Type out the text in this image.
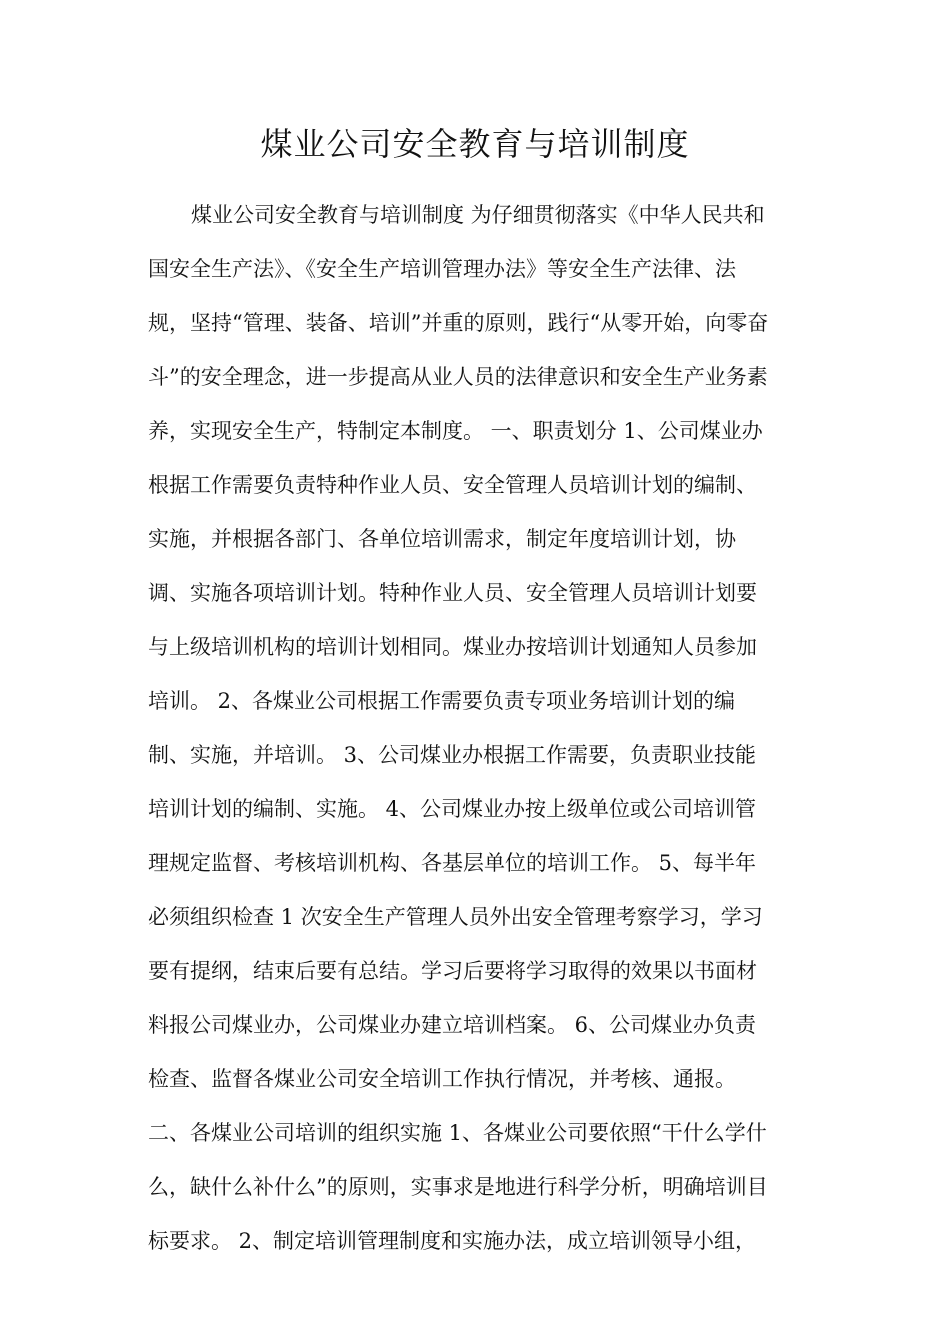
煤业公司安全教育与培训制度
煤业公司安全教育与培训制度 为仔细贯彻落实《中华人民共和
国安全生产法》、《安全生产培训管理办法》等安全生产法律、法
规，坚持“管理、装备、培训”并重的原则，践行“从零开始，向零奋
斗”的安全理念，进一步提高从业人员的法律意识和安全生产业务素
养，实现安全生产，特制定本制度。 一、职责划分 1、公司煤业办
根据工作需要负责特种作业人员、安全管理人员培训计划的编制、
实施，并根据各部门、各单位培训需求，制定年度培训计划，协
调、实施各项培训计划。特种作业人员、安全管理人员培训计划要
与上级培训机构的培训计划相同。煤业办按培训计划通知人员参加
培训。 2、各煤业公司根据工作需要负责专项业务培训计划的编
制、实施，并培训。 3、公司煤业办根据工作需要，负责职业技能
培训计划的编制、实施。 4、公司煤业办按上级单位或公司培训管
理规定监督、考核培训机构、各基层单位的培训工作。 5、每半年
必须组织检查 1 次安全生产管理人员外出安全管理考察学习，学习
要有提纲，结束后要有总结。学习后要将学习取得的效果以书面材
料报公司煤业办，公司煤业办建立培训档案。 6、公司煤业办负责
检查、监督各煤业公司安全培训工作执行情况，并考核、通报。
二、各煤业公司培训的组织实施 1、各煤业公司要依照“干什么学什
么，缺什么补什么”的原则，实事求是地进行科学分析，明确培训目
标要求。 2、制定培训管理制度和实施办法，成立培训领导小组，
